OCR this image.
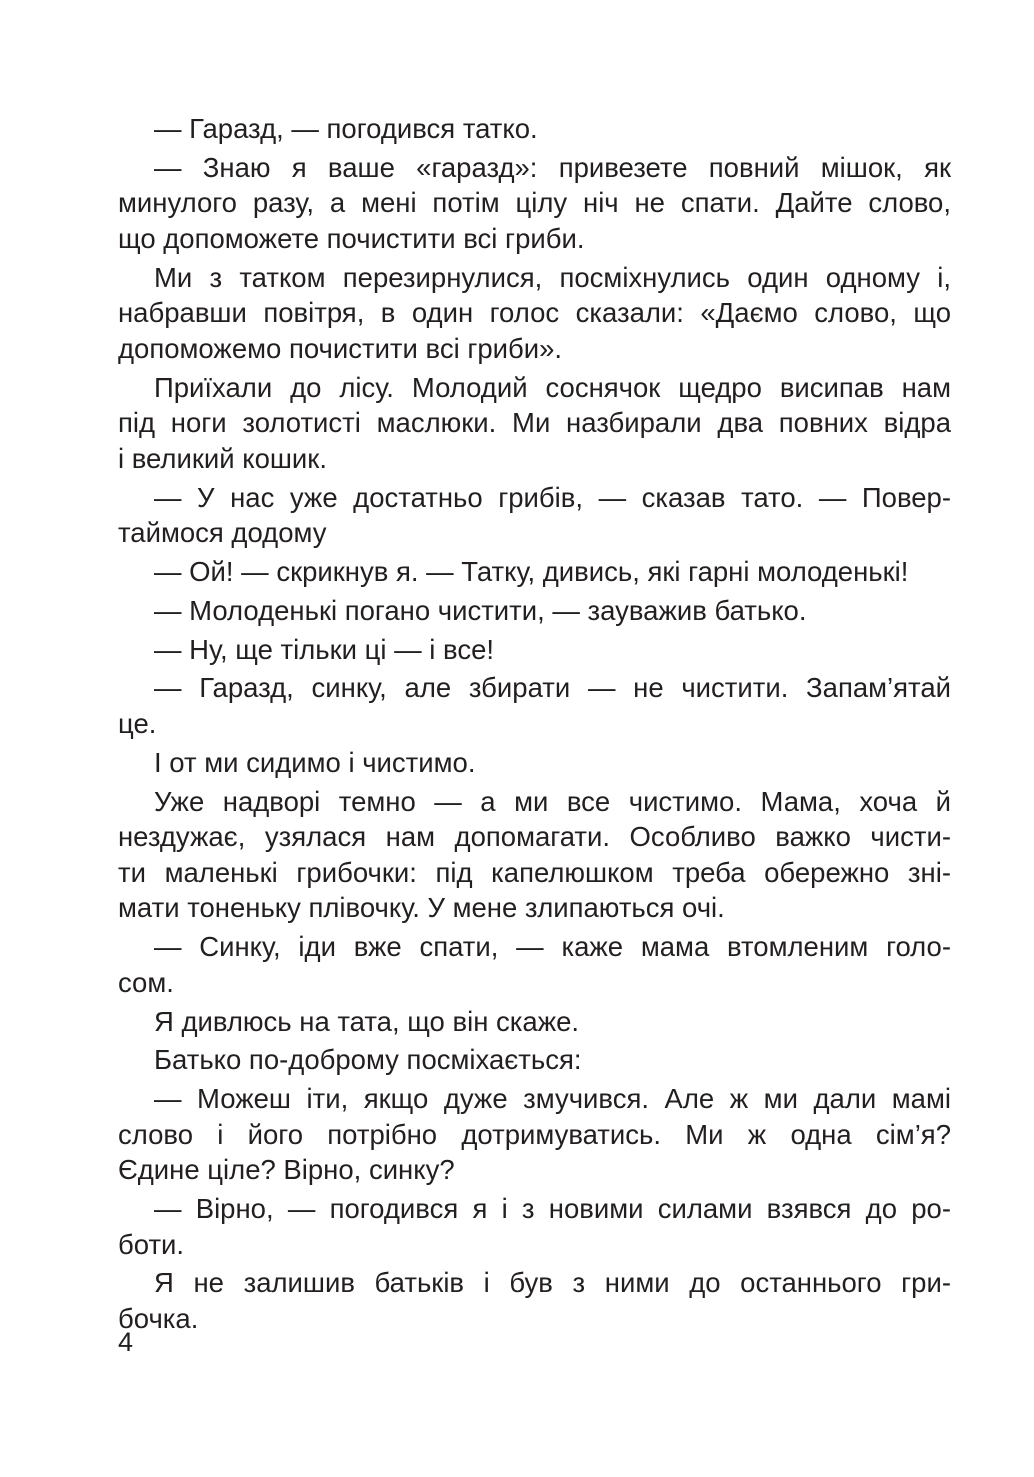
— Гаразд, — погодився татко.
— Знаю я ваше «гаразд»: привезете повний мішок, як
минулого разу, а мені потім цілу ніч не спати. Дайте слово,
що допоможете почистити всі гриби.
Ми з татком перезирнулися, посміхнулись один одному і,
набравши повітря, в один голос сказали: «Даємо слово, що
допоможемо почистити всі гриби».
Приїхали до лісу. Молодий соснячок щедро висипав нам
під ноги золотисті маслюки. Ми назбирали два повних відра
і великий кошик.
— У нас уже достатньо грибів, — сказав тато. — Повер-
таймося додому
— Ой! — скрикнув я. — Татку, дивись, які гарні молоденькі!
— Молоденькі погано чистити, — зауважив батько.
— Ну, ще тільки ці — і все!
— Гаразд, синку, але збирати — не чистити. Запам’ятай
це.
І от ми сидимо і чистимо.
Уже надворі темно — а ми все чистимо. Мама, хоча й
нездужає, узялася нам допомагати. Особливо важко чисти-
ти маленькі грибочки: під капелюшком треба обережно зні-
мати тоненьку плівочку. У мене злипаються очі.
— Синку, іди вже спати, — каже мама втомленим голо-
сом.
Я дивлюсь на тата, що він скаже.
Батько по-доброму посміхається:
— Можеш іти, якщо дуже змучився. Але ж ми дали мамі
слово і його потрібно дотримуватись. Ми ж одна сім’я?
Єдине ціле? Вірно, синку?
— Вірно, — погодився я і з новими силами взявся до ро-
боти.
Я не залишив батьків і був з ними до останнього гри-
бочка.
4
